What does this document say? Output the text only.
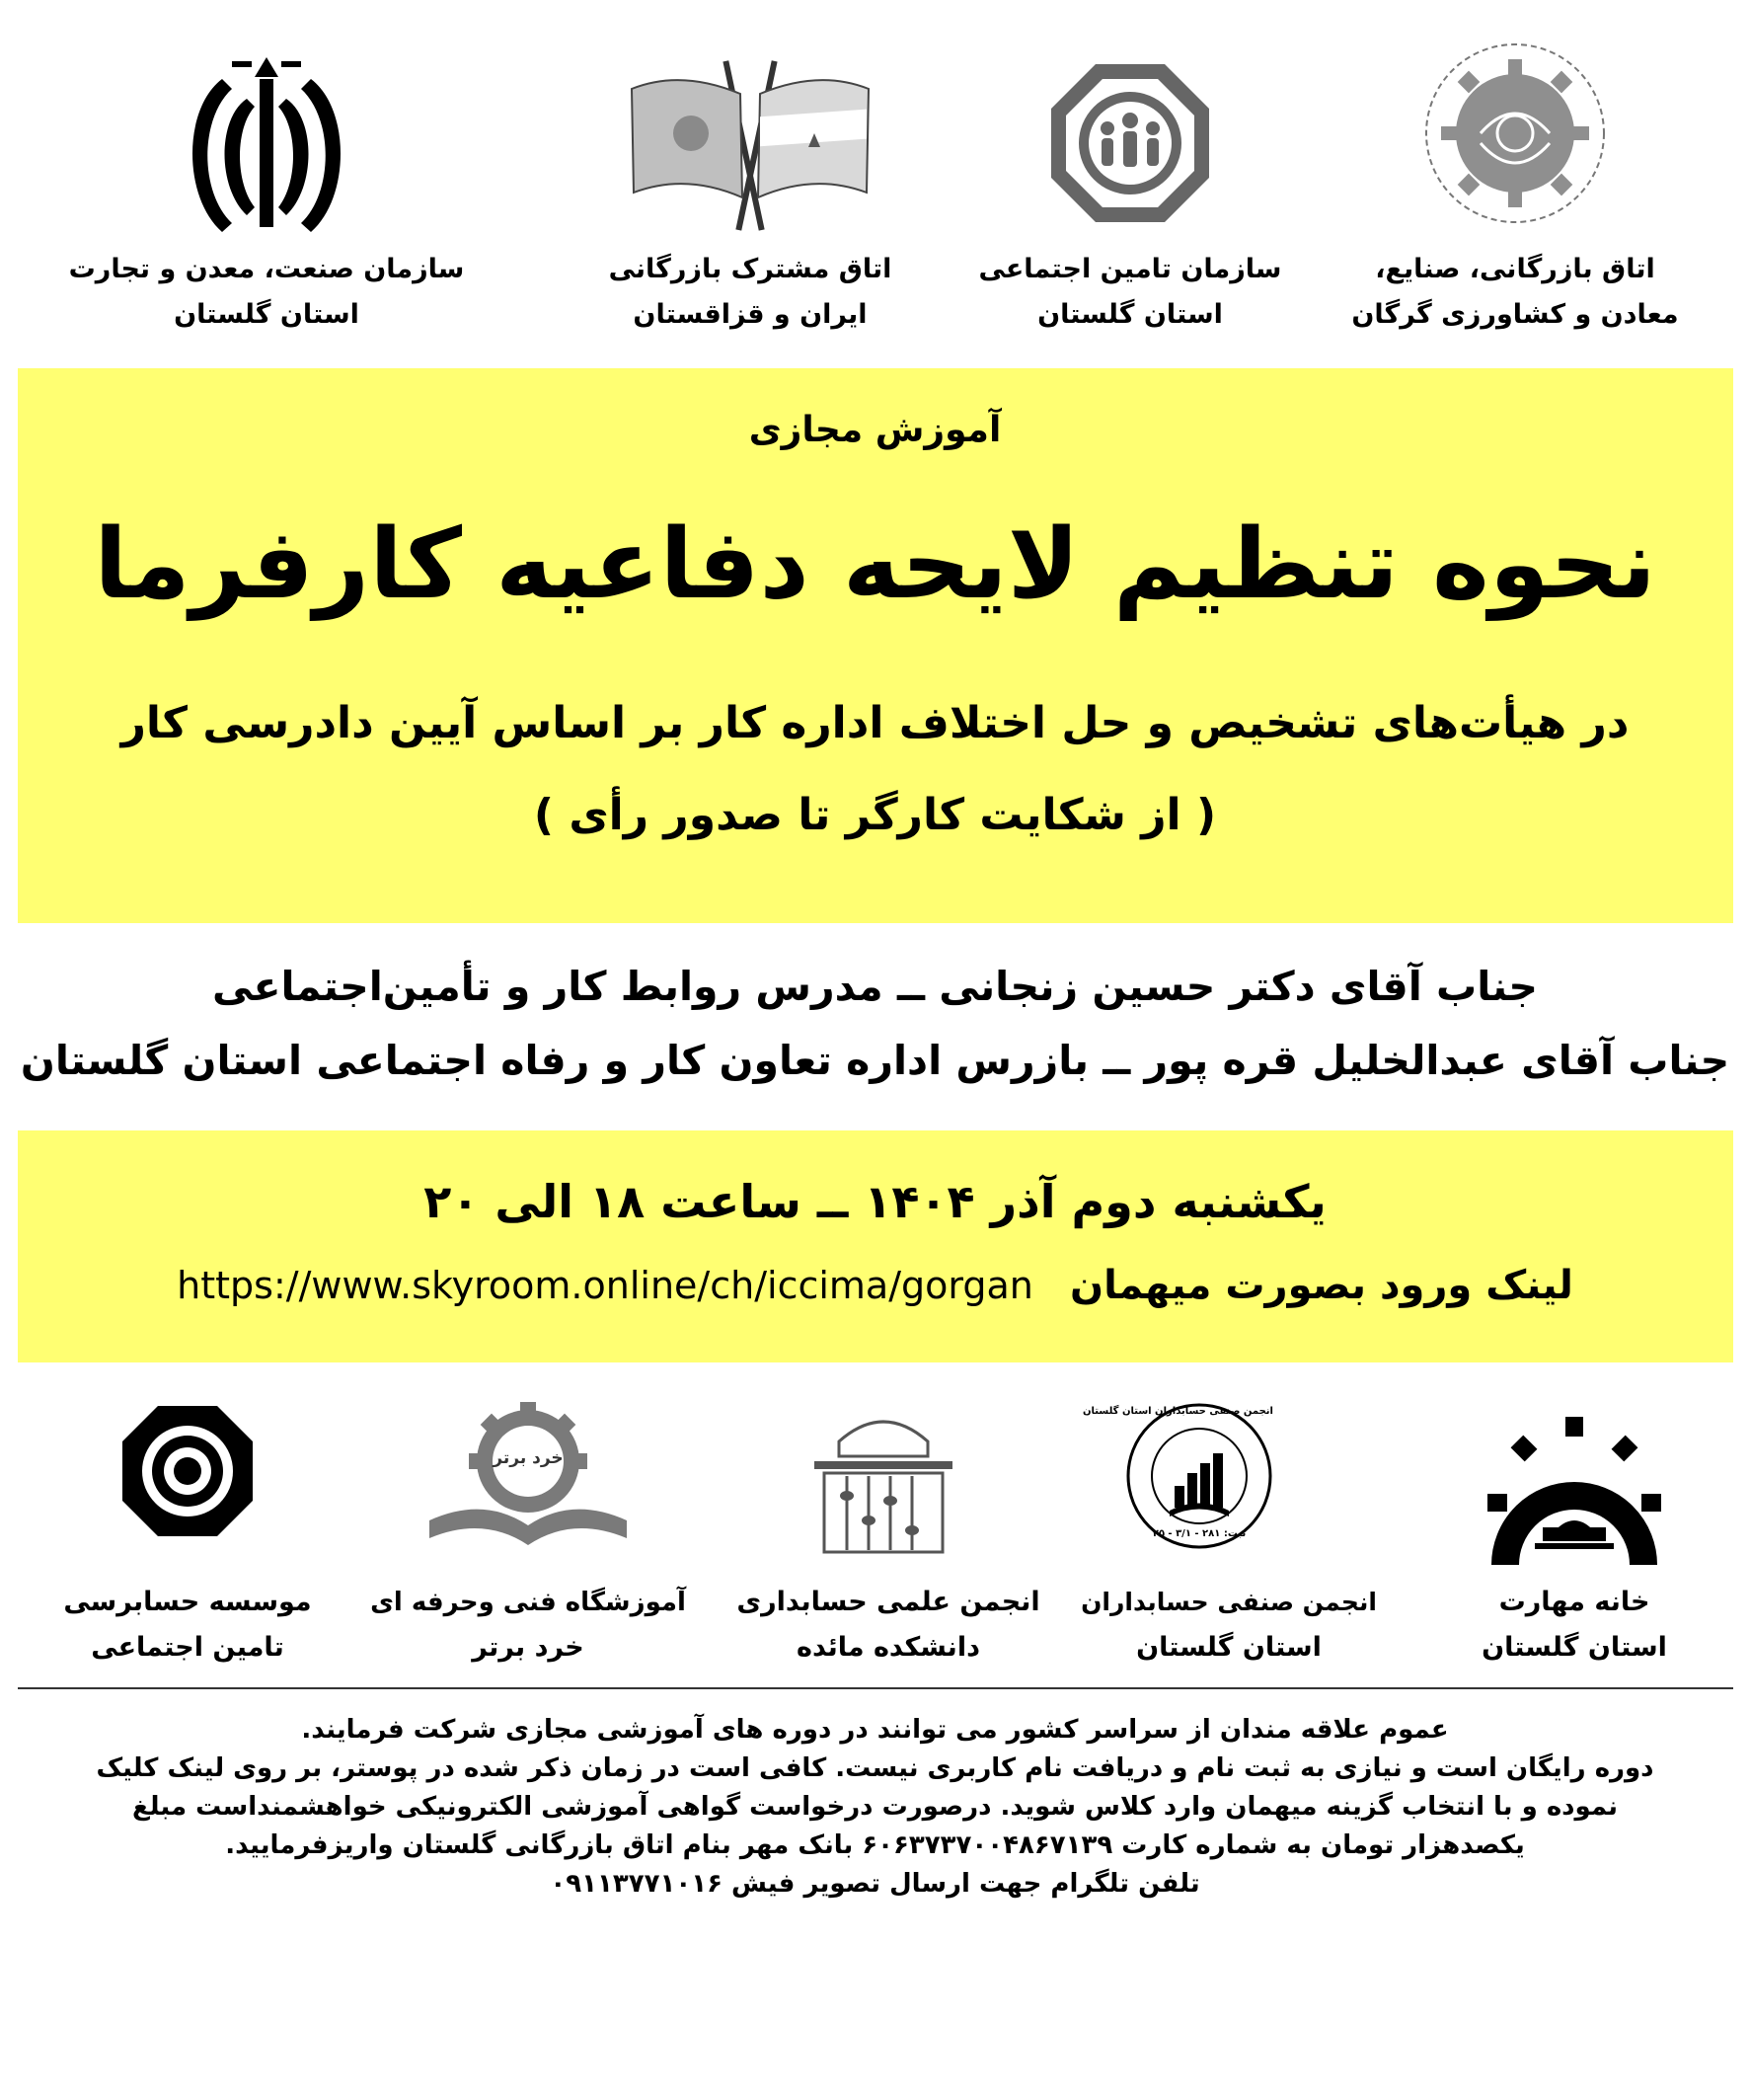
سازمان صنعت، معدن و تجارت
استان گلستان
اتاق مشترک بازرگانی
ایران و قزاقستان
سازمان تامین اجتماعی
استان گلستان
اتاق بازرگانی، صنایع،
معادن و کشاورزی گرگان
آموزش مجازی
نحوه تنظیم لایحه دفاعیه کارفرما
در هیأت‌های تشخیص و حل اختلاف اداره کار بر اساس آیین دادرسی کار
( از شکایت کارگر تا صدور رأی )
جناب آقای دکتر حسین زنجانی ــ مدرس روابط کار و تأمین‌اجتماعی
جناب آقای عبدالخلیل قره پور ــ بازرس اداره تعاون کار و رفاه اجتماعی استان گلستان
یکشنبه دوم آذر ۱۴۰۴ ــ ساعت ۱۸ الی ۲۰
https://www.skyroom.online/ch/iccima/gorgan لینک ورود بصورت میهمان
خرد برتر
انجمن صنفی حسابداران استان گلستان
ثبت: ۲۸۱ - ۳/۱ - ۲۵
موسسه حسابرسی
تامین اجتماعی
آموزشگاه فنی وحرفه ای
خرد برتر
انجمن علمی حسابداری
دانشکده مائده
انجمن صنفی حسابداران
استان گلستان
خانه مهارت
استان گلستان
عموم علاقه مندان از سراسر کشور می توانند در دوره های آموزشی مجازی شرکت فرمایند.
دوره رایگان است و نیازی به ثبت نام و دریافت نام کاربری نیست. کافی است در زمان ذکر شده در پوستر، بر روی لینک کلیک
نموده و با انتخاب گزینه میهمان وارد کلاس شوید. درصورت درخواست گواهی آموزشی الکترونیکی خواهشمنداست مبلغ
یکصدهزار تومان به شماره کارت ۶۰۶۳۷۳۷۰۰۴۸۶۷۱۳۹ بانک مهر بنام اتاق بازرگانی گلستان واریزفرمایید.
تلفن تلگرام جهت ارسال تصویر فیش ۰۹۱۱۳۷۷۱۰۱۶
